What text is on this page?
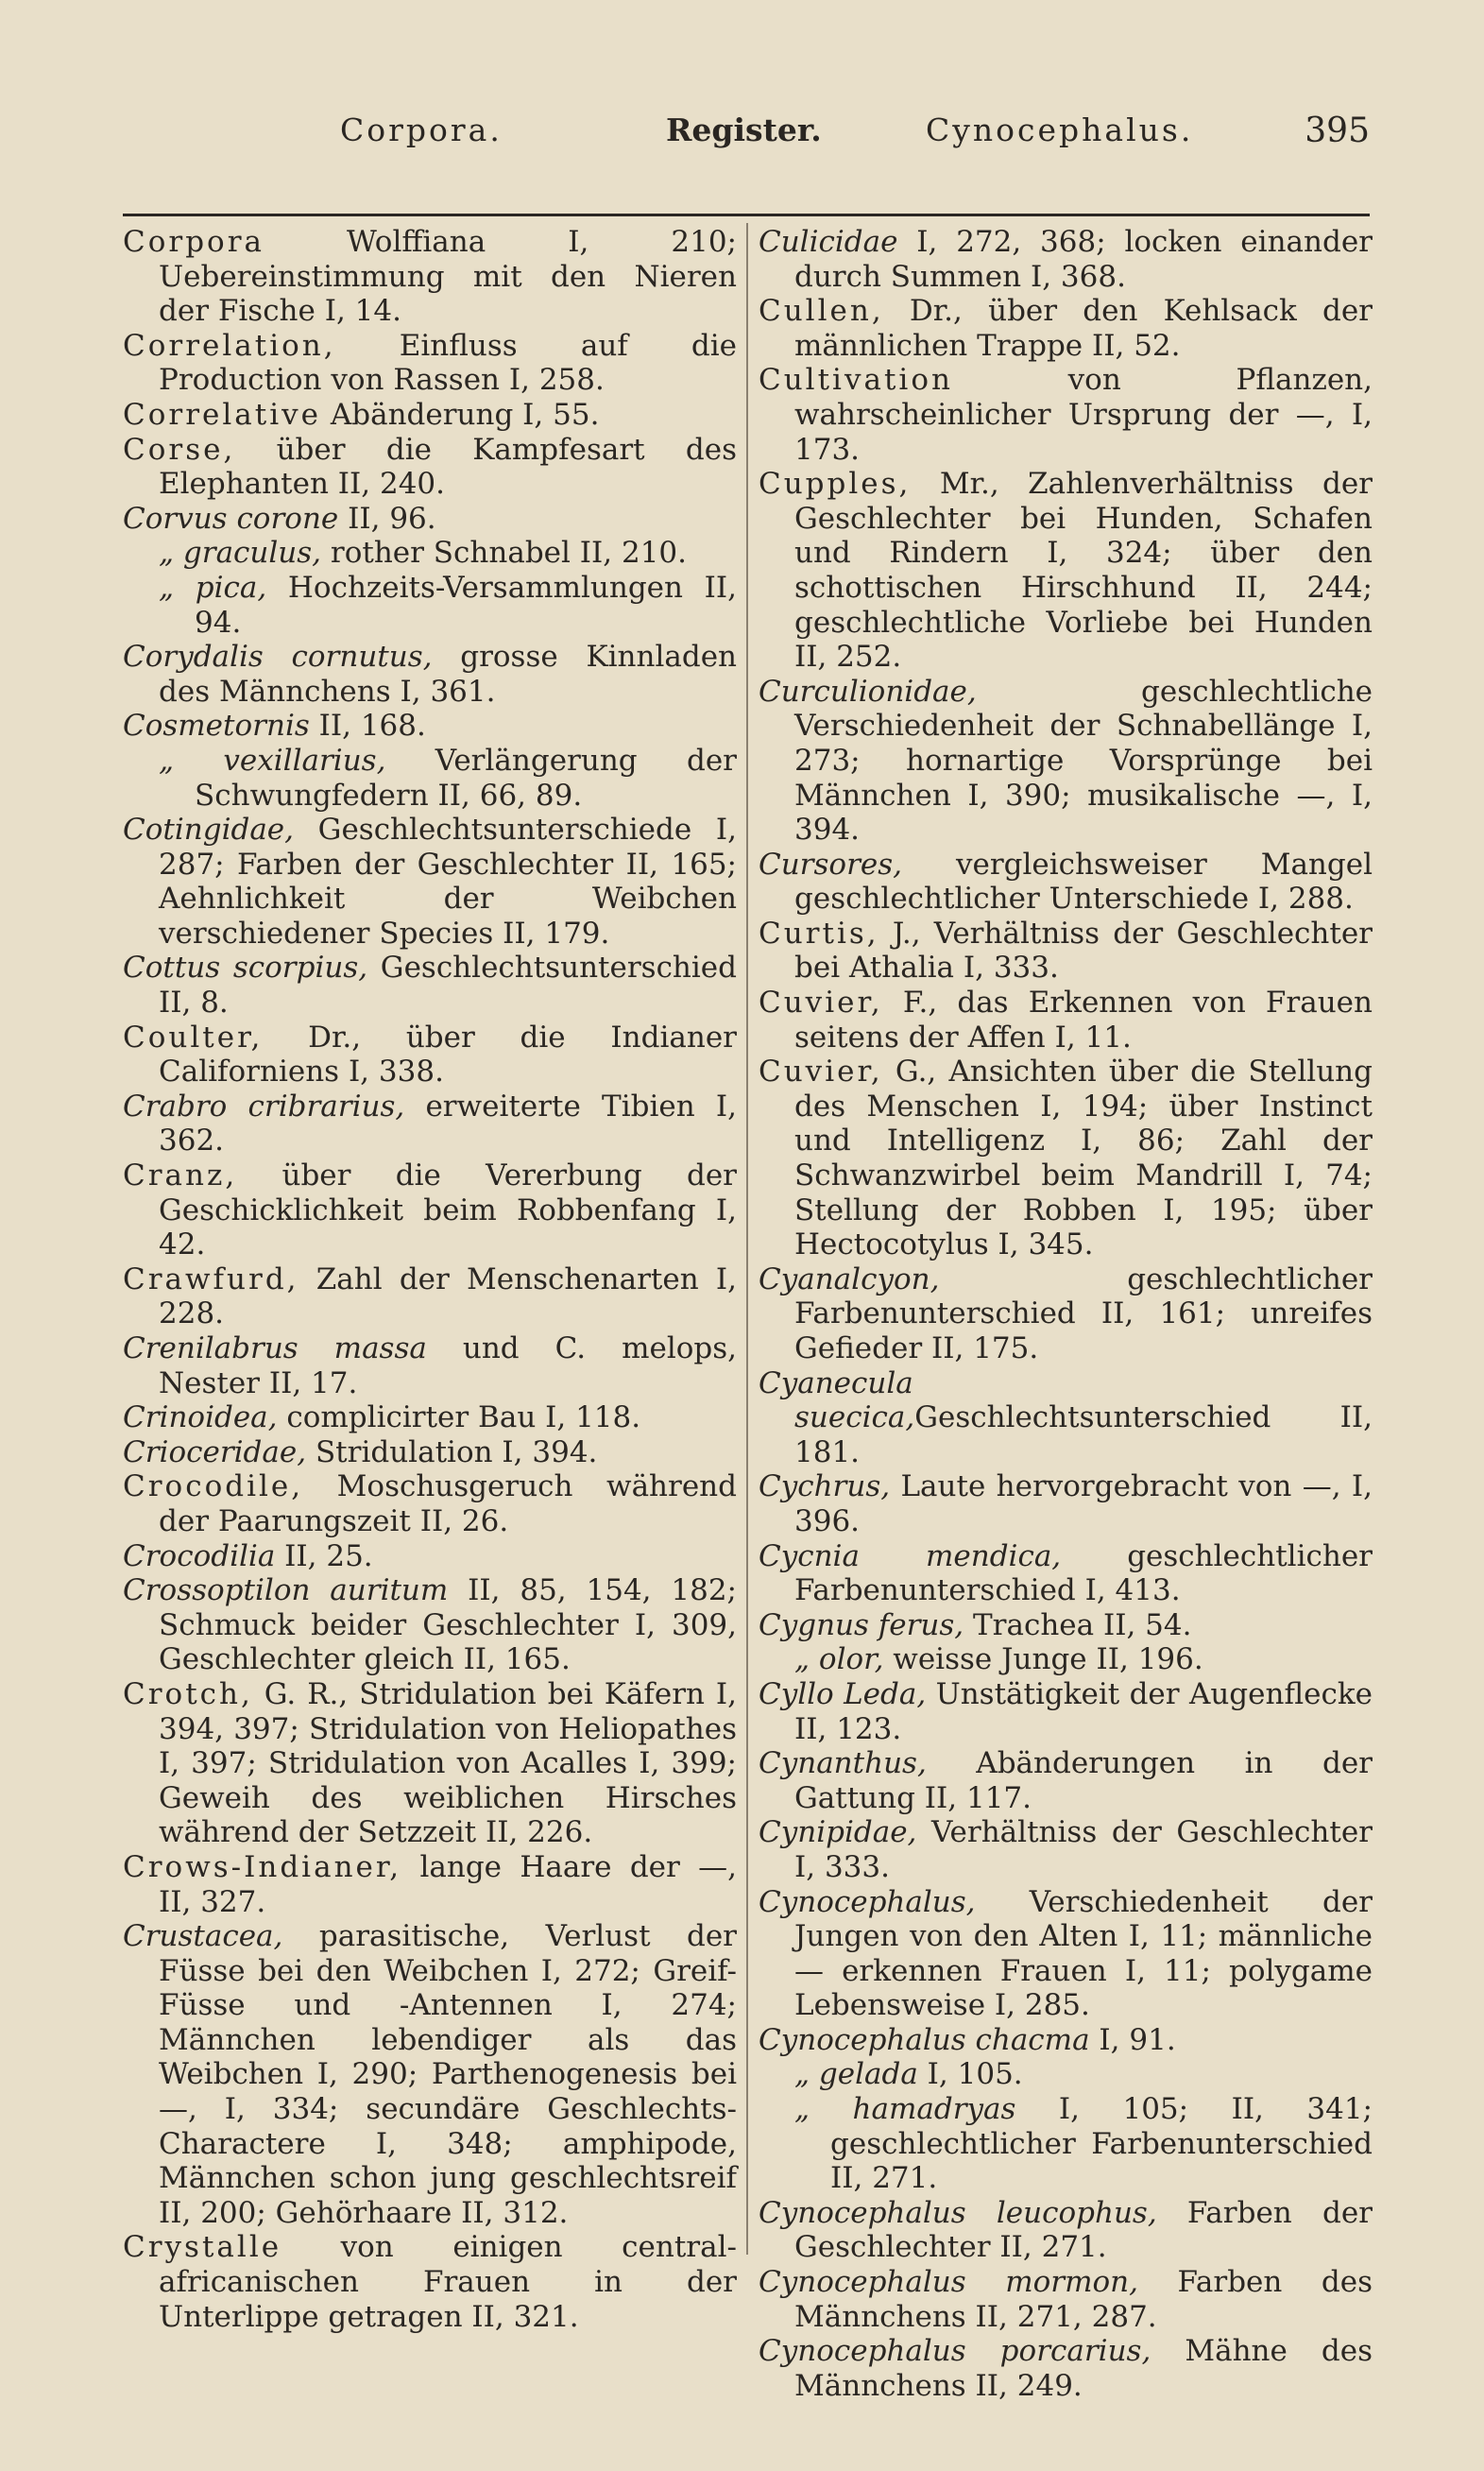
Corpora.	Register.	Cynocephalus.	395

Corpora Wolffiana I, 210; Uebereinstimmung mit den Nieren der Fische I, 14.

Correlation, Einfluss auf die Production von Rassen I, 258.

Correlative Abänderung I, 55.

Corse, über die Kampfesart des Elephanten II, 240.

Corvus corone II, 96.

„ graculus, rother Schnabel II, 210.

„ pica, Hochzeits-Versammlungen II, 94.

Corydalis cornutus, grosse Kinnladen des Männchens I, 361.

Cosmetornis II, 168.

„ vexillarius, Verlängerung der Schwungfedern II, 66, 89.

Cotingidae, Geschlechtsunterschiede I, 287; Farben der Geschlechter II, 165; Aehnlichkeit der Weibchen verschiedener Species II, 179.

Cottus scorpius, Geschlechtsunterschied II, 8.

Coulter, Dr., über die Indianer Californiens I, 338.

Crabro cribrarius, erweiterte Tibien I, 362.

Cranz, über die Vererbung der Geschicklichkeit beim Robbenfang I, 42.

Crawfurd, Zahl der Menschenarten I, 228.

Crenilabrus massa und C. melops, Nester II, 17.

Crinoidea, complicirter Bau I, 118.

Crioceridae, Stridulation I, 394.

Crocodile, Moschusgeruch während der Paarungszeit II, 26.

Crocodilia II, 25.

Crossoptilon auritum II, 85, 154, 182; Schmuck beider Geschlechter I, 309, Geschlechter gleich II, 165.

Crotch, G. R., Stridulation bei Käfern I, 394, 397; Stridulation von Heliopathes I, 397; Stridulation von Acalles I, 399; Geweih des weiblichen Hirsches während der Setzzeit II, 226.

Crows-Indianer, lange Haare der —, II, 327.

Crustacea, parasitische, Verlust der Füsse bei den Weibchen I, 272; Greif-Füsse und -Antennen I, 274; Männchen lebendiger als das Weibchen I, 290; Parthenogenesis bei —, I, 334; secundäre Geschlechts-Charactere I, 348; amphipode, Männchen schon jung geschlechtsreif II, 200; Gehörhaare II, 312.

Crystalle von einigen central-africanischen Frauen in der Unterlippe getragen II, 321.

Culicidae I, 272, 368; locken einander durch Summen I, 368.

Cullen, Dr., über den Kehlsack der männlichen Trappe II, 52.

Cultivation von Pflanzen, wahrscheinlicher Ursprung der —, I, 173.

Cupples, Mr., Zahlenverhältniss der Geschlechter bei Hunden, Schafen und Rindern I, 324; über den schottischen Hirschhund II, 244; geschlechtliche Vorliebe bei Hunden II, 252.

Curculionidae, geschlechtliche Verschiedenheit der Schnabellänge I, 273; hornartige Vorsprünge bei Männchen I, 390; musikalische —, I, 394.

Cursores, vergleichsweiser Mangel geschlechtlicher Unterschiede I, 288.

Curtis, J., Verhältniss der Geschlechter bei Athalia I, 333.

Cuvier, F., das Erkennen von Frauen seitens der Affen I, 11.

Cuvier, G., Ansichten über die Stellung des Menschen I, 194; über Instinct und Intelligenz I, 86; Zahl der Schwanzwirbel beim Mandrill I, 74; Stellung der Robben I, 195; über Hectocotylus I, 345.

Cyanalcyon, geschlechtlicher Farbenunterschied II, 161; unreifes Gefieder II, 175.

Cyanecula suecica,Geschlechtsunterschied II, 181.

Cychrus, Laute hervorgebracht von —, I, 396.

Cycnia mendica, geschlechtlicher Farbenunterschied I, 413.

Cygnus ferus, Trachea II, 54.

„ olor, weisse Junge II, 196.

Cyllo Leda, Unstätigkeit der Augenflecke II, 123.

Cynanthus, Abänderungen in der Gattung II, 117.

Cynipidae, Verhältniss der Geschlechter I, 333.

Cynocephalus, Verschiedenheit der Jungen von den Alten I, 11; männliche — erkennen Frauen I, 11; polygame Lebensweise I, 285.

Cynocephalus chacma I, 91.

„ gelada I, 105.

„ hamadryas I, 105; II, 341; geschlechtlicher Farbenunterschied II, 271.

Cynocephalus leucophus, Farben der Geschlechter II, 271.

Cynocephalus mormon, Farben des Männchens II, 271, 287.

Cynocephalus porcarius, Mähne des Männchens II, 249.
